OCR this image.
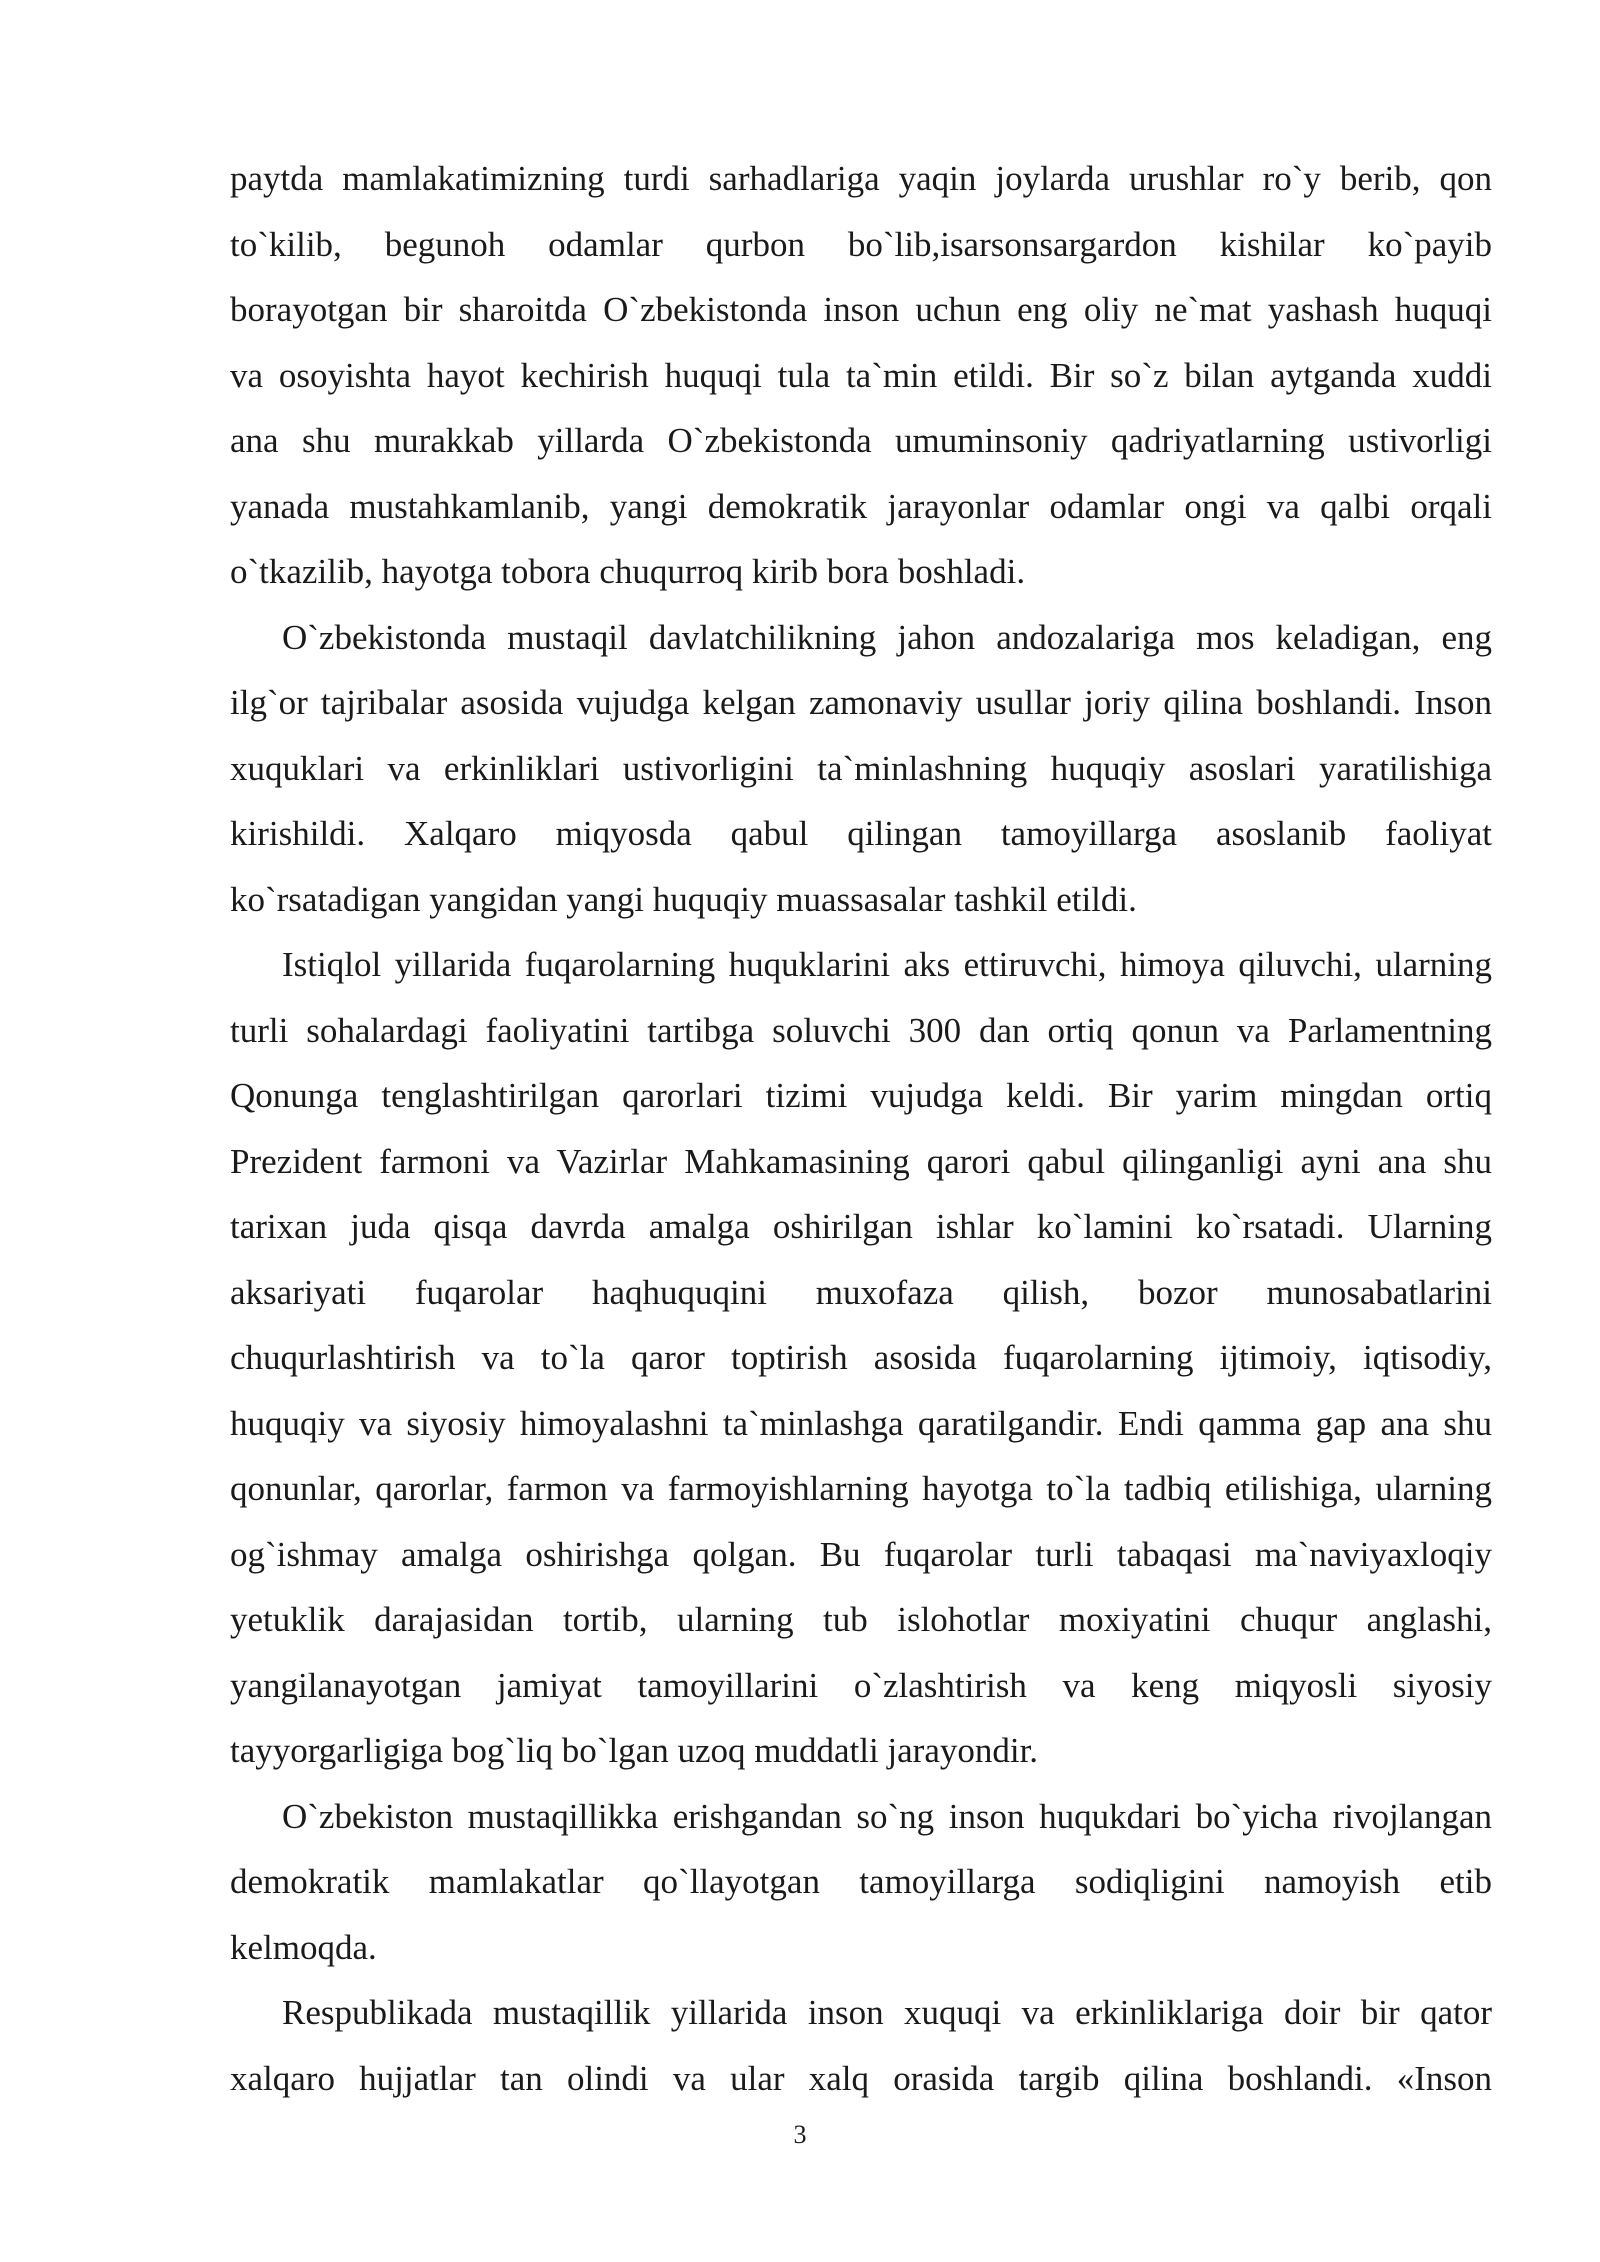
paytda mamlakatimizning turdi sarhadlariga yaqin joylarda urushlar ro`y berib, qon
to`kilib, begunoh odamlar qurbon bo`lib,isarsonsargardon kishilar ko`payib
borayotgan bir sharoitda O`zbekistonda inson uchun eng oliy ne`mat yashash huquqi
va osoyishta hayot kechirish huquqi tula ta`min etildi. Bir so`z bilan aytganda xuddi
ana shu murakkab yillarda O`zbekistonda umuminsoniy qadriyatlarning ustivorligi
yanada mustahkamlanib, yangi demokratik jarayonlar odamlar ongi va qalbi orqali
o`tkazilib, hayotga tobora chuqurroq kirib bora boshladi.
O`zbekistonda mustaqil davlatchilikning jahon andozalariga mos keladigan, eng
ilg`or tajribalar asosida vujudga kelgan zamonaviy usullar joriy qilina boshlandi. Inson
xuquklari va erkinliklari ustivorligini ta`minlashning huquqiy asoslari yaratilishiga
kirishildi. Xalqaro miqyosda qabul qilingan tamoyillarga asoslanib faoliyat
ko`rsatadigan yangidan yangi huquqiy muassasalar tashkil etildi.
Istiqlol yillarida fuqarolarning huquklarini aks ettiruvchi, himoya qiluvchi, ularning
turli sohalardagi faoliyatini tartibga soluvchi 300 dan ortiq qonun va Parlamentning
Qonunga tenglashtirilgan qarorlari tizimi vujudga keldi. Bir yarim mingdan ortiq
Prezident farmoni va Vazirlar Mahkamasining qarori qabul qilinganligi ayni ana shu
tarixan juda qisqa davrda amalga oshirilgan ishlar ko`lamini ko`rsatadi. Ularning
aksariyati fuqarolar haqhuquqini muxofaza qilish, bozor munosabatlarini
chuqurlashtirish va to`la qaror toptirish asosida fuqarolarning ijtimoiy, iqtisodiy,
huquqiy va siyosiy himoyalashni ta`minlashga qaratilgandir. Endi qamma gap ana shu
qonunlar, qarorlar, farmon va farmoyishlarning hayotga to`la tadbiq etilishiga, ularning
og`ishmay amalga oshirishga qolgan. Bu fuqarolar turli tabaqasi ma`naviyaxloqiy
yetuklik darajasidan tortib, ularning tub islohotlar moxiyatini chuqur anglashi,
yangilanayotgan jamiyat tamoyillarini o`zlashtirish va keng miqyosli siyosiy
tayyorgarligiga bog`liq bo`lgan uzoq muddatli jarayondir.
O`zbekiston mustaqillikka erishgandan so`ng inson huqukdari bo`yicha rivojlangan
demokratik mamlakatlar qo`llayotgan tamoyillarga sodiqligini namoyish etib
kelmoqda.
Respublikada mustaqillik yillarida inson xuquqi va erkinliklariga doir bir qator
xalqaro hujjatlar tan olindi va ular xalq orasida targib qilina boshlandi. «Inson
3
